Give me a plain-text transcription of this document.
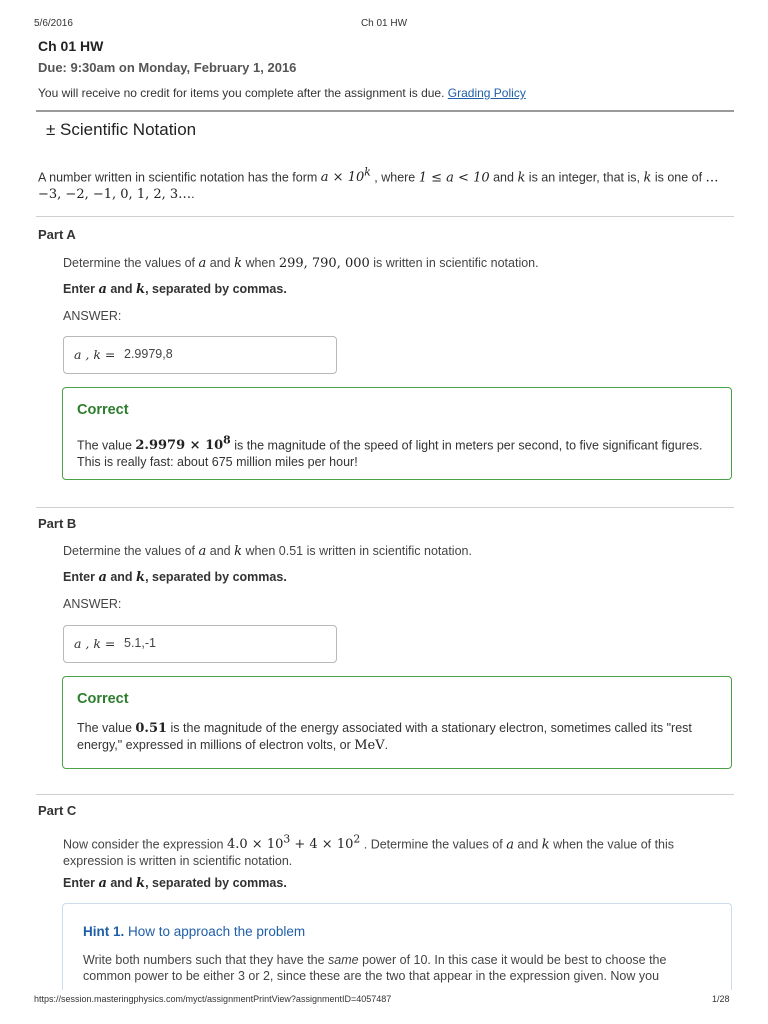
5/6/2016	Ch 01 HW
Ch 01 HW
Due: 9:30am on Monday, February 1, 2016
You will receive no credit for items you complete after the assignment is due. Grading Policy
± Scientific Notation
A number written in scientific notation has the form $a \times 10^k$ , where 1 ≤ a < 10 and k is an integer, that is, k is one of … −3, −2, −1, 0, 1, 2, 3….
Part A
Determine the values of a and k when 299, 790, 000 is written in scientific notation.
Enter a and k, separated by commas.
ANSWER:
a , k = 2.9979,8
Correct
The value $2.9979 \times 10^8$ is the magnitude of the speed of light in meters per second, to five significant figures. This is really fast: about 675 million miles per hour!
Part B
Determine the values of a and k when 0.51 is written in scientific notation.
Enter a and k, separated by commas.
ANSWER:
a , k = 5.1,-1
Correct
The value 0.51 is the magnitude of the energy associated with a stationary electron, sometimes called its "rest energy," expressed in millions of electron volts, or MeV.
Part C
Now consider the expression $4.0 \times 10^3 + 4 \times 10^2$ . Determine the values of a and k when the value of this expression is written in scientific notation.
Enter a and k, separated by commas.
Hint 1. How to approach the problem
Write both numbers such that they have the same power of 10. In this case it would be best to choose the common power to be either 3 or 2, since these are the two that appear in the expression given. Now you
https://session.masteringphysics.com/myct/assignmentPrintView?assignmentID=4057487	1/28
